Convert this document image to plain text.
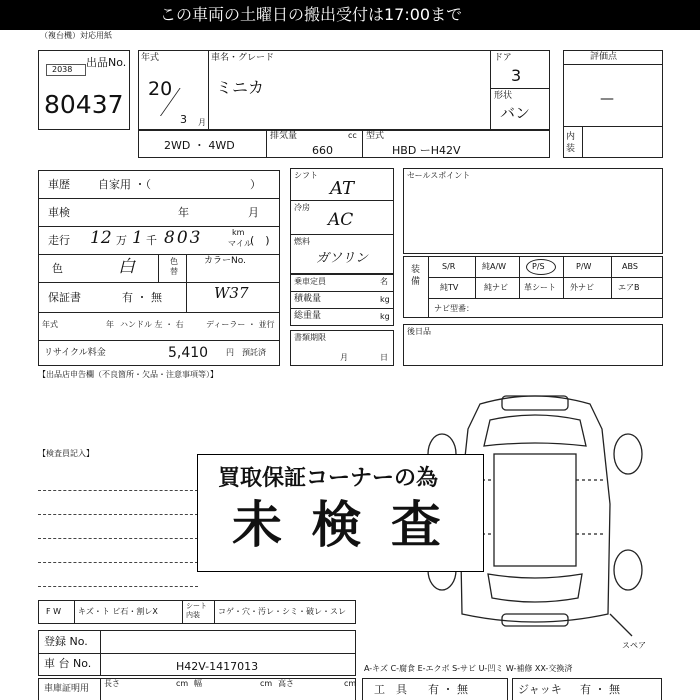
この車両の土曜日の搬出受付は17:00まで
（複台機）対応用紙
出品No.
2038
80437
年式
20
3 月
車名・グレード
ミニカ
ドア
3
形状
バン
評価点
—
内装
2WD ・ 4WD
排気量	cc
660
型式
HBD ーH42V
車歴	自家用 ・（	）
車検	年	月
走行 12 万 1 千 803	km
マイル
(　)
色	白	色替
カラーNo.
W37
保証書	有 ・ 無
年式	年 ハンドル 左 ・ 右	ディーラー ・ 並行
リサイクル料金	5,410 円 預託済
シフト
AT
冷房
AC
燃料
ガソリン
乗車定員	名
積載量	kg
総重量	kg
書類期限
月	日
セールスポイント
装備
S/R	純A/W	P/S	P/W	ABS
純TV	純ナビ 革シート 外ナビ	エアB
ナビ型番：
後日品
【出品店申告欄（不良箇所・欠品・注意事項等）】
【検査員記入】
スペア
買取保証コーナーの為
未 検 査
F W キズ・ト ビ石・割レX
シート内装	コゲ・穴・汚レ・シミ・破レ・スレ
登録 No.
車 台 No.	H42V-1417013
車庫証明用
長さ	cm 幅	cm 高さ	cm
A-キズ C-腐食 E-エクボ S-サビ U-凹ミ W-補修 XX-交換済
工　具 有 ・ 無	ジャッキ 有 ・ 無
